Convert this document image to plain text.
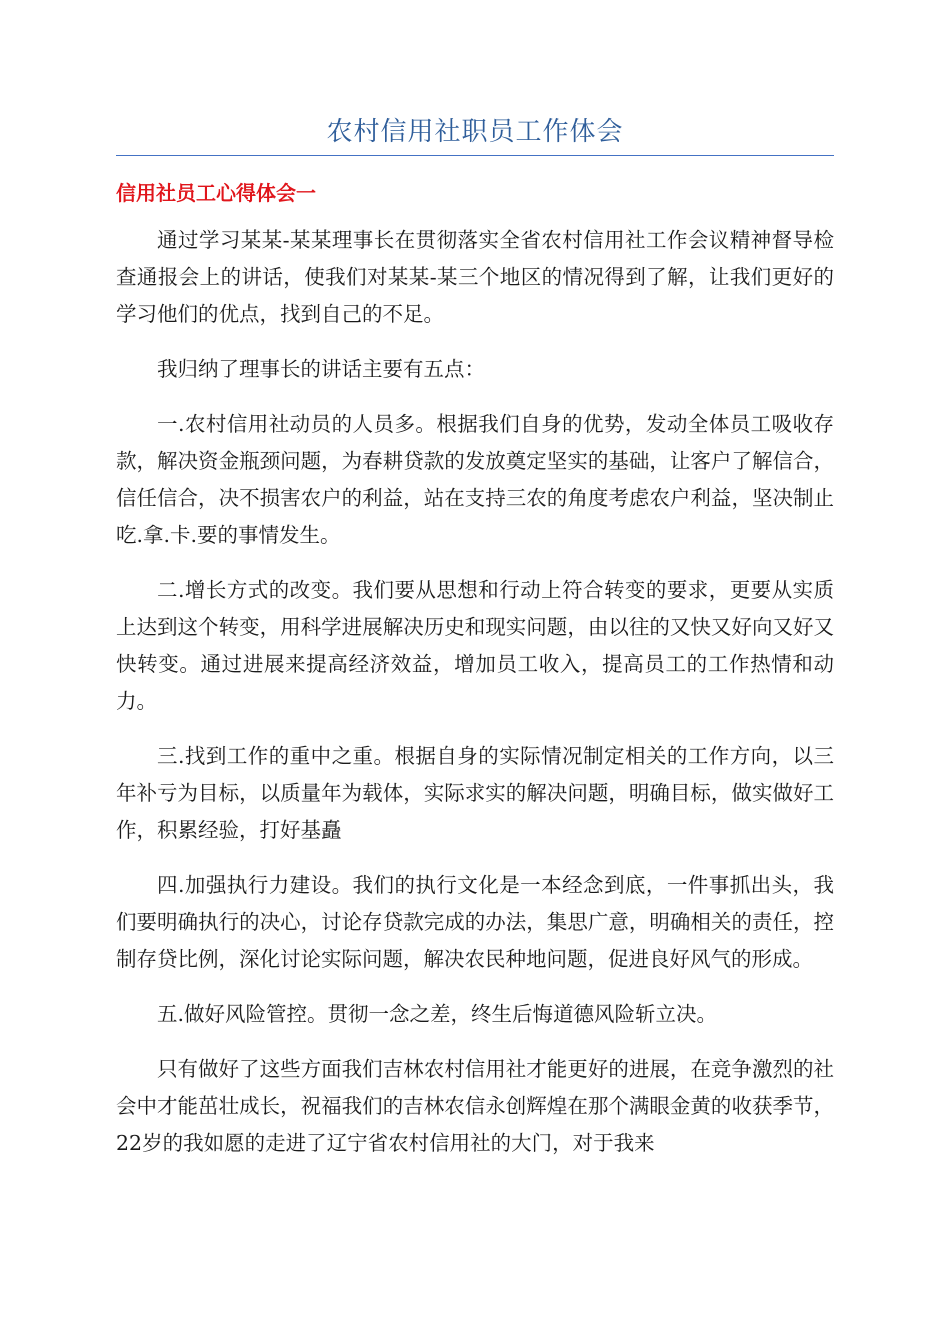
农村信用社职员工作体会
信用社员工心得体会一

通过学习某某-某某理事长在贯彻落实全省农村信用社工作会议精神督导检查通报会上的讲话，使我们对某某-某三个地区的情况得到了解，让我们更好的学习他们的优点，找到自己的不足。

我归纳了理事长的讲话主要有五点：

一.农村信用社动员的人员多。根据我们自身的优势，发动全体员工吸收存款，解决资金瓶颈问题，为春耕贷款的发放奠定坚实的基础，让客户了解信合，信任信合，决不损害农户的利益，站在支持三农的角度考虑农户利益，坚决制止吃.拿.卡.要的事情发生。

二.增长方式的改变。我们要从思想和行动上符合转变的要求，更要从实质上达到这个转变，用科学进展解决历史和现实问题，由以往的又快又好向又好又快转变。通过进展来提高经济效益，增加员工收入，提高员工的工作热情和动力。

三.找到工作的重中之重。根据自身的实际情况制定相关的工作方向，以三年补亏为目标，以质量年为载体，实际求实的解决问题，明确目标，做实做好工作，积累经验，打好基矗

四.加强执行力建设。我们的执行文化是一本经念到底，一件事抓出头，我们要明确执行的决心，讨论存贷款完成的办法，集思广意，明确相关的责任，控制存贷比例，深化讨论实际问题，解决农民种地问题，促进良好风气的形成。

五.做好风险管控。贯彻一念之差，终生后悔道德风险斩立决。

只有做好了这些方面我们吉林农村信用社才能更好的进展，在竞争激烈的社会中才能茁壮成长，祝福我们的吉林农信永创辉煌在那个满眼金黄的收获季节，22岁的我如愿的走进了辽宁省农村信用社的大门，对于我来
